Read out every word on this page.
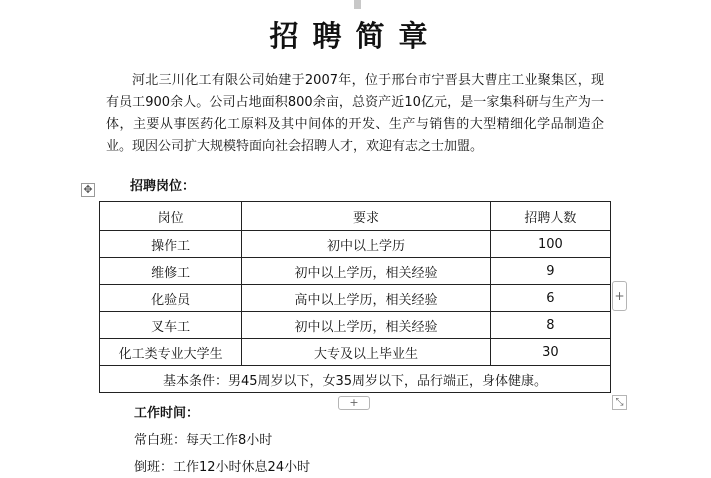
招聘简章

河北三川化工有限公司始建于2007年，位于邢台市宁晋县大曹庄工业聚集区，现有员工900余人。公司占地面积800余亩，总资产近10亿元，是一家集科研与生产为一体，主要从事医药化工原料及其中间体的开发、生产与销售的大型精细化学品制造企业。现因公司扩大规模特面向社会招聘人才，欢迎有志之士加盟。

✥	招聘岗位：
岗位	要求	招聘人数
操作工	初中以上学历	100
维修工	初中以上学历，相关经验	9
化验员	高中以上学历，相关经验	6
叉车工	初中以上学历，相关经验	8
化工类专业大学生	大专及以上毕业生	30
基本条件：男45周岁以下，女35周岁以下，品行端正，身体健康。		
+
+	⤡
工作时间：
常白班：每天工作8小时
倒班：工作12小时休息24小时
